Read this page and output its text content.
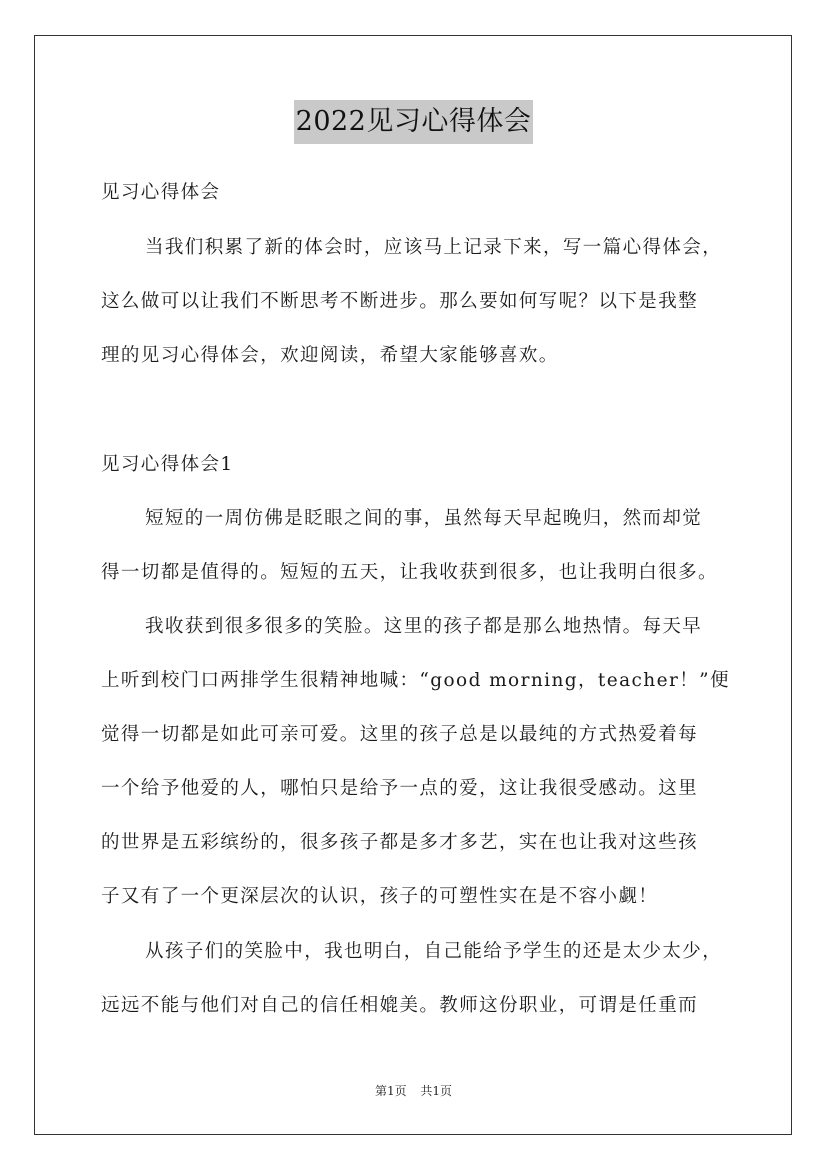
2022见习心得体会

见习心得体会

当我们积累了新的体会时，应该马上记录下来，写一篇心得体会，

这么做可以让我们不断思考不断进步。那么要如何写呢？以下是我整

理的见习心得体会，欢迎阅读，希望大家能够喜欢。

见习心得体会1

短短的一周仿佛是眨眼之间的事，虽然每天早起晚归，然而却觉

得一切都是值得的。短短的五天，让我收获到很多，也让我明白很多。

我收获到很多很多的笑脸。这里的孩子都是那么地热情。每天早

上听到校门口两排学生很精神地喊：“good morning，teacher！”便

觉得一切都是如此可亲可爱。这里的孩子总是以最纯的方式热爱着每

一个给予他爱的人，哪怕只是给予一点的爱，这让我很受感动。这里

的世界是五彩缤纷的，很多孩子都是多才多艺，实在也让我对这些孩

子又有了一个更深层次的认识，孩子的可塑性实在是不容小觑！

从孩子们的笑脸中，我也明白，自己能给予学生的还是太少太少，

远远不能与他们对自己的信任相媲美。教师这份职业，可谓是任重而

第1页 共1页
